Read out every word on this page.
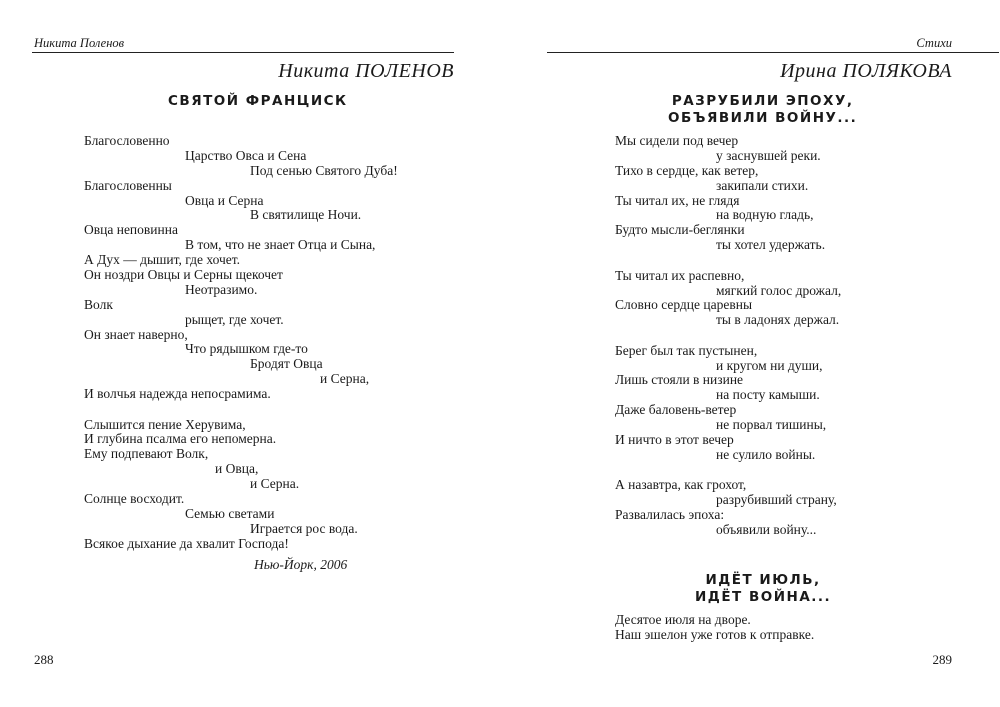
Никита Поленов
Никита ПОЛЕНОВ
СВЯТОЙ ФРАНЦИСК
Благословенно
Царство Овса и Сена
Под сенью Святого Дуба!
Благословенны
Овца и Серна
В святилище Ночи.
Овца неповинна
В том, что не знает Отца и Сына,
А Дух — дышит, где хочет.
Он ноздри Овцы и Серны щекочет
Неотразимо.
Волк
рыщет, где хочет.
Он знает наверно,
Что рядышком где-то
Бродят Овца
и Серна,
И волчья надежда непосрамима.
Слышится пение Херувима,
И глубина псалма его непомерна.
Ему подпевают Волк,
и Овца,
и Серна.
Солнце восходит.
Семью светами
Играется рос вода.
Всякое дыхание да хвалит Господа!
Нью-Йорк, 2006
288
Стихи
Ирина ПОЛЯКОВА
РАЗРУБИЛИ ЭПОХУ,
ОБЪЯВИЛИ ВОЙНУ...
Мы сидели под вечер
у заснувшей реки.
Тихо в сердце, как ветер,
закипали стихи.
Ты читал их, не глядя
на водную гладь,
Будто мысли-беглянки
ты хотел удержать.
Ты читал их распевно,
мягкий голос дрожал,
Словно сердце царевны
ты в ладонях держал.
Берег был так пустынен,
и кругом ни души,
Лишь стояли в низине
на посту камыши.
Даже баловень-ветер
не порвал тишины,
И ничто в этот вечер
не сулило войны.
А назавтра, как грохот,
разрубивший страну,
Развалилась эпоха:
объявили войну...
ИДЁТ ИЮЛЬ,
ИДЁТ ВОЙНА...
Десятое июля на дворе.
Наш эшелон уже готов к отправке.
289
